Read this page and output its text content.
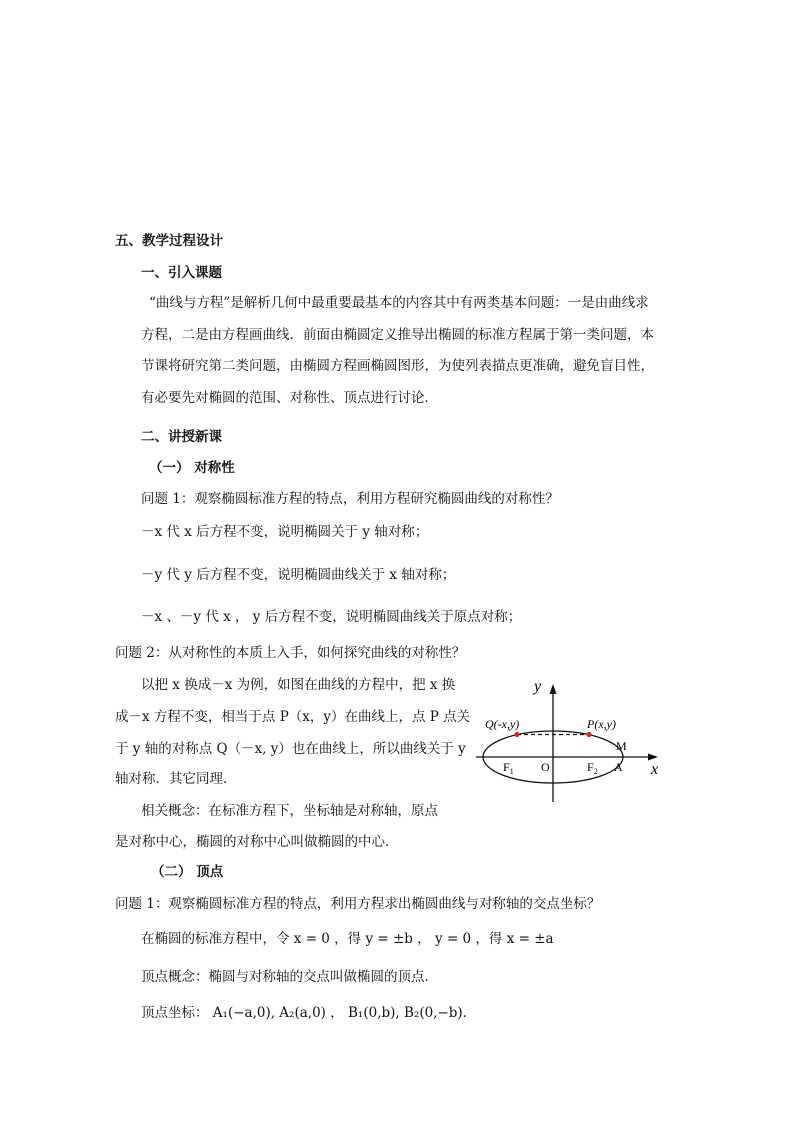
五、教学过程设计
一、引入课题
“曲线与方程”是解析几何中最重要最基本的内容其中有两类基本问题：一是由曲线求
方程，二是由方程画曲线．前面由椭圆定义推导出椭圆的标准方程属于第一类问题，本
节课将研究第二类问题，由椭圆方程画椭圆图形，为使列表描点更准确，避免盲目性，
有必要先对椭圆的范围、对称性、顶点进行讨论．
二、讲授新课
（一） 对称性
问题 1：观察椭圆标准方程的特点，利用方程研究椭圆曲线的对称性？
－x 代 x 后方程不变，说明椭圆关于 y 轴对称；
－y 代 y 后方程不变，说明椭圆曲线关于 x 轴对称；
－x 、－y 代 x ， y 后方程不变，说明椭圆曲线关于原点对称；
问题 2：从对称性的本质上入手，如何探究曲线的对称性？
以把 x 换成－x 为例，如图在曲线的方程中，把 x 换
成－x 方程不变，相当于点 P（x，y）在曲线上，点 P 点关
于 y 轴的对称点 Q（－x, y）也在曲线上，所以曲线关于 y
轴对称．其它同理．
相关概念：在标准方程下，坐标轴是对称轴，原点
是对称中心，椭圆的对称中心叫做椭圆的中心．
y
x
Q(-x,y)	P(x,y)
M
$F_1$ O	$F_2$ A
（二） 顶点
问题 1：观察椭圆标准方程的特点，利用方程求出椭圆曲线与对称轴的交点坐标？
在椭圆的标准方程中，令 x = 0 ，得 y = ±b ， y = 0 ，得 x = ±a
顶点概念：椭圆与对称轴的交点叫做椭圆的顶点．
顶点坐标： A₁(−a,0), A₂(a,0) ， B₁(0,b), B₂(0,−b)．
